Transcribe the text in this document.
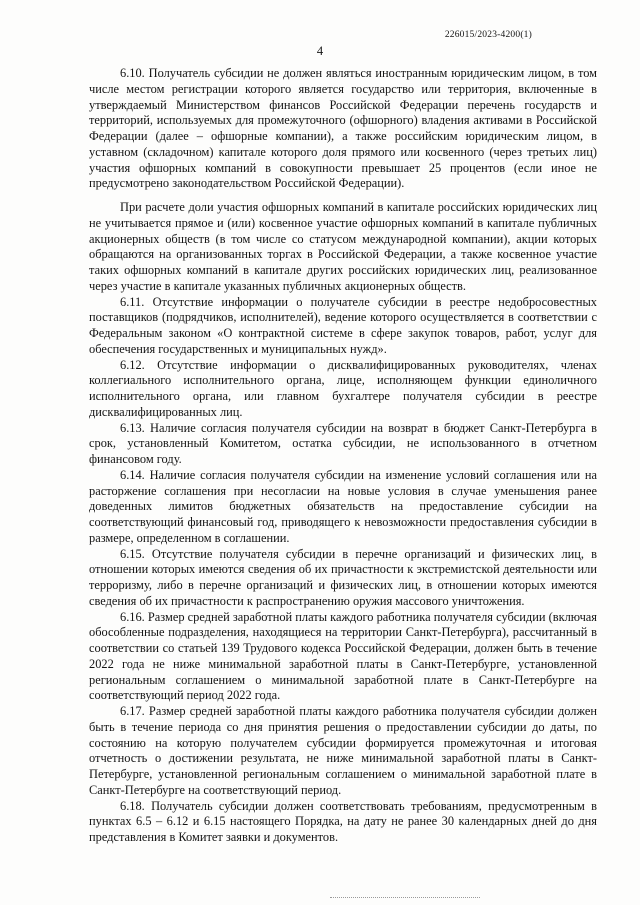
226015/2023-4200(1)
4

6.10. Получатель субсидии не должен являться иностранным юридическим лицом, в том числе местом регистрации которого является государство или территория, включенные в утверждаемый Министерством финансов Российской Федерации перечень государств и территорий, используемых для промежуточного (офшорного) владения активами в Российской Федерации (далее – офшорные компании), а также российским юридическим лицом, в уставном (складочном) капитале которого доля прямого или косвенного (через третьих лиц) участия офшорных компаний в совокупности превышает 25 процентов (если иное не предусмотрено законодательством Российской Федерации).

При расчете доли участия офшорных компаний в капитале российских юридических лиц не учитывается прямое и (или) косвенное участие офшорных компаний в капитале публичных акционерных обществ (в том числе со статусом международной компании), акции которых обращаются на организованных торгах в Российской Федерации, а также косвенное участие таких офшорных компаний в капитале других российских юридических лиц, реализованное через участие в капитале указанных публичных акционерных обществ.

6.11. Отсутствие информации о получателе субсидии в реестре недобросовестных поставщиков (подрядчиков, исполнителей), ведение которого осуществляется в соответствии с Федеральным законом «О контрактной системе в сфере закупок товаров, работ, услуг для обеспечения государственных и муниципальных нужд».

6.12. Отсутствие информации о дисквалифицированных руководителях, членах коллегиального исполнительного органа, лице, исполняющем функции единоличного исполнительного органа, или главном бухгалтере получателя субсидии в реестре дисквалифицированных лиц.

6.13. Наличие согласия получателя субсидии на возврат в бюджет Санкт-Петербурга в срок, установленный Комитетом, остатка субсидии, не использованного в отчетном финансовом году.

6.14. Наличие согласия получателя субсидии на изменение условий соглашения или на расторжение соглашения при несогласии на новые условия в случае уменьшения ранее доведенных лимитов бюджетных обязательств на предоставление субсидии на соответствующий финансовый год, приводящего к невозможности предоставления субсидии в размере, определенном в соглашении.

6.15. Отсутствие получателя субсидии в перечне организаций и физических лиц, в отношении которых имеются сведения об их причастности к экстремистской деятельности или терроризму, либо в перечне организаций и физических лиц, в отношении которых имеются сведения об их причастности к распространению оружия массового уничтожения.

6.16. Размер средней заработной платы каждого работника получателя субсидии (включая обособленные подразделения, находящиеся на территории Санкт-Петербурга), рассчитанный в соответствии со статьей 139 Трудового кодекса Российской Федерации, должен быть в течение 2022 года не ниже минимальной заработной платы в Санкт-Петербурге, установленной региональным соглашением о минимальной заработной плате в Санкт-Петербурге на соответствующий период 2022 года.

6.17. Размер средней заработной платы каждого работника получателя субсидии должен быть в течение периода со дня принятия решения о предоставлении субсидии до даты, по состоянию на которую получателем субсидии формируется промежуточная и итоговая отчетность о достижении результата, не ниже минимальной заработной платы в Санкт-Петербурге, установленной региональным соглашением о минимальной заработной плате в Санкт-Петербурге на соответствующий период.

6.18. Получатель субсидии должен соответствовать требованиям, предусмотренным в пунктах 6.5 – 6.12 и 6.15 настоящего Порядка, на дату не ранее 30 календарных дней до дня представления в Комитет заявки и документов.
